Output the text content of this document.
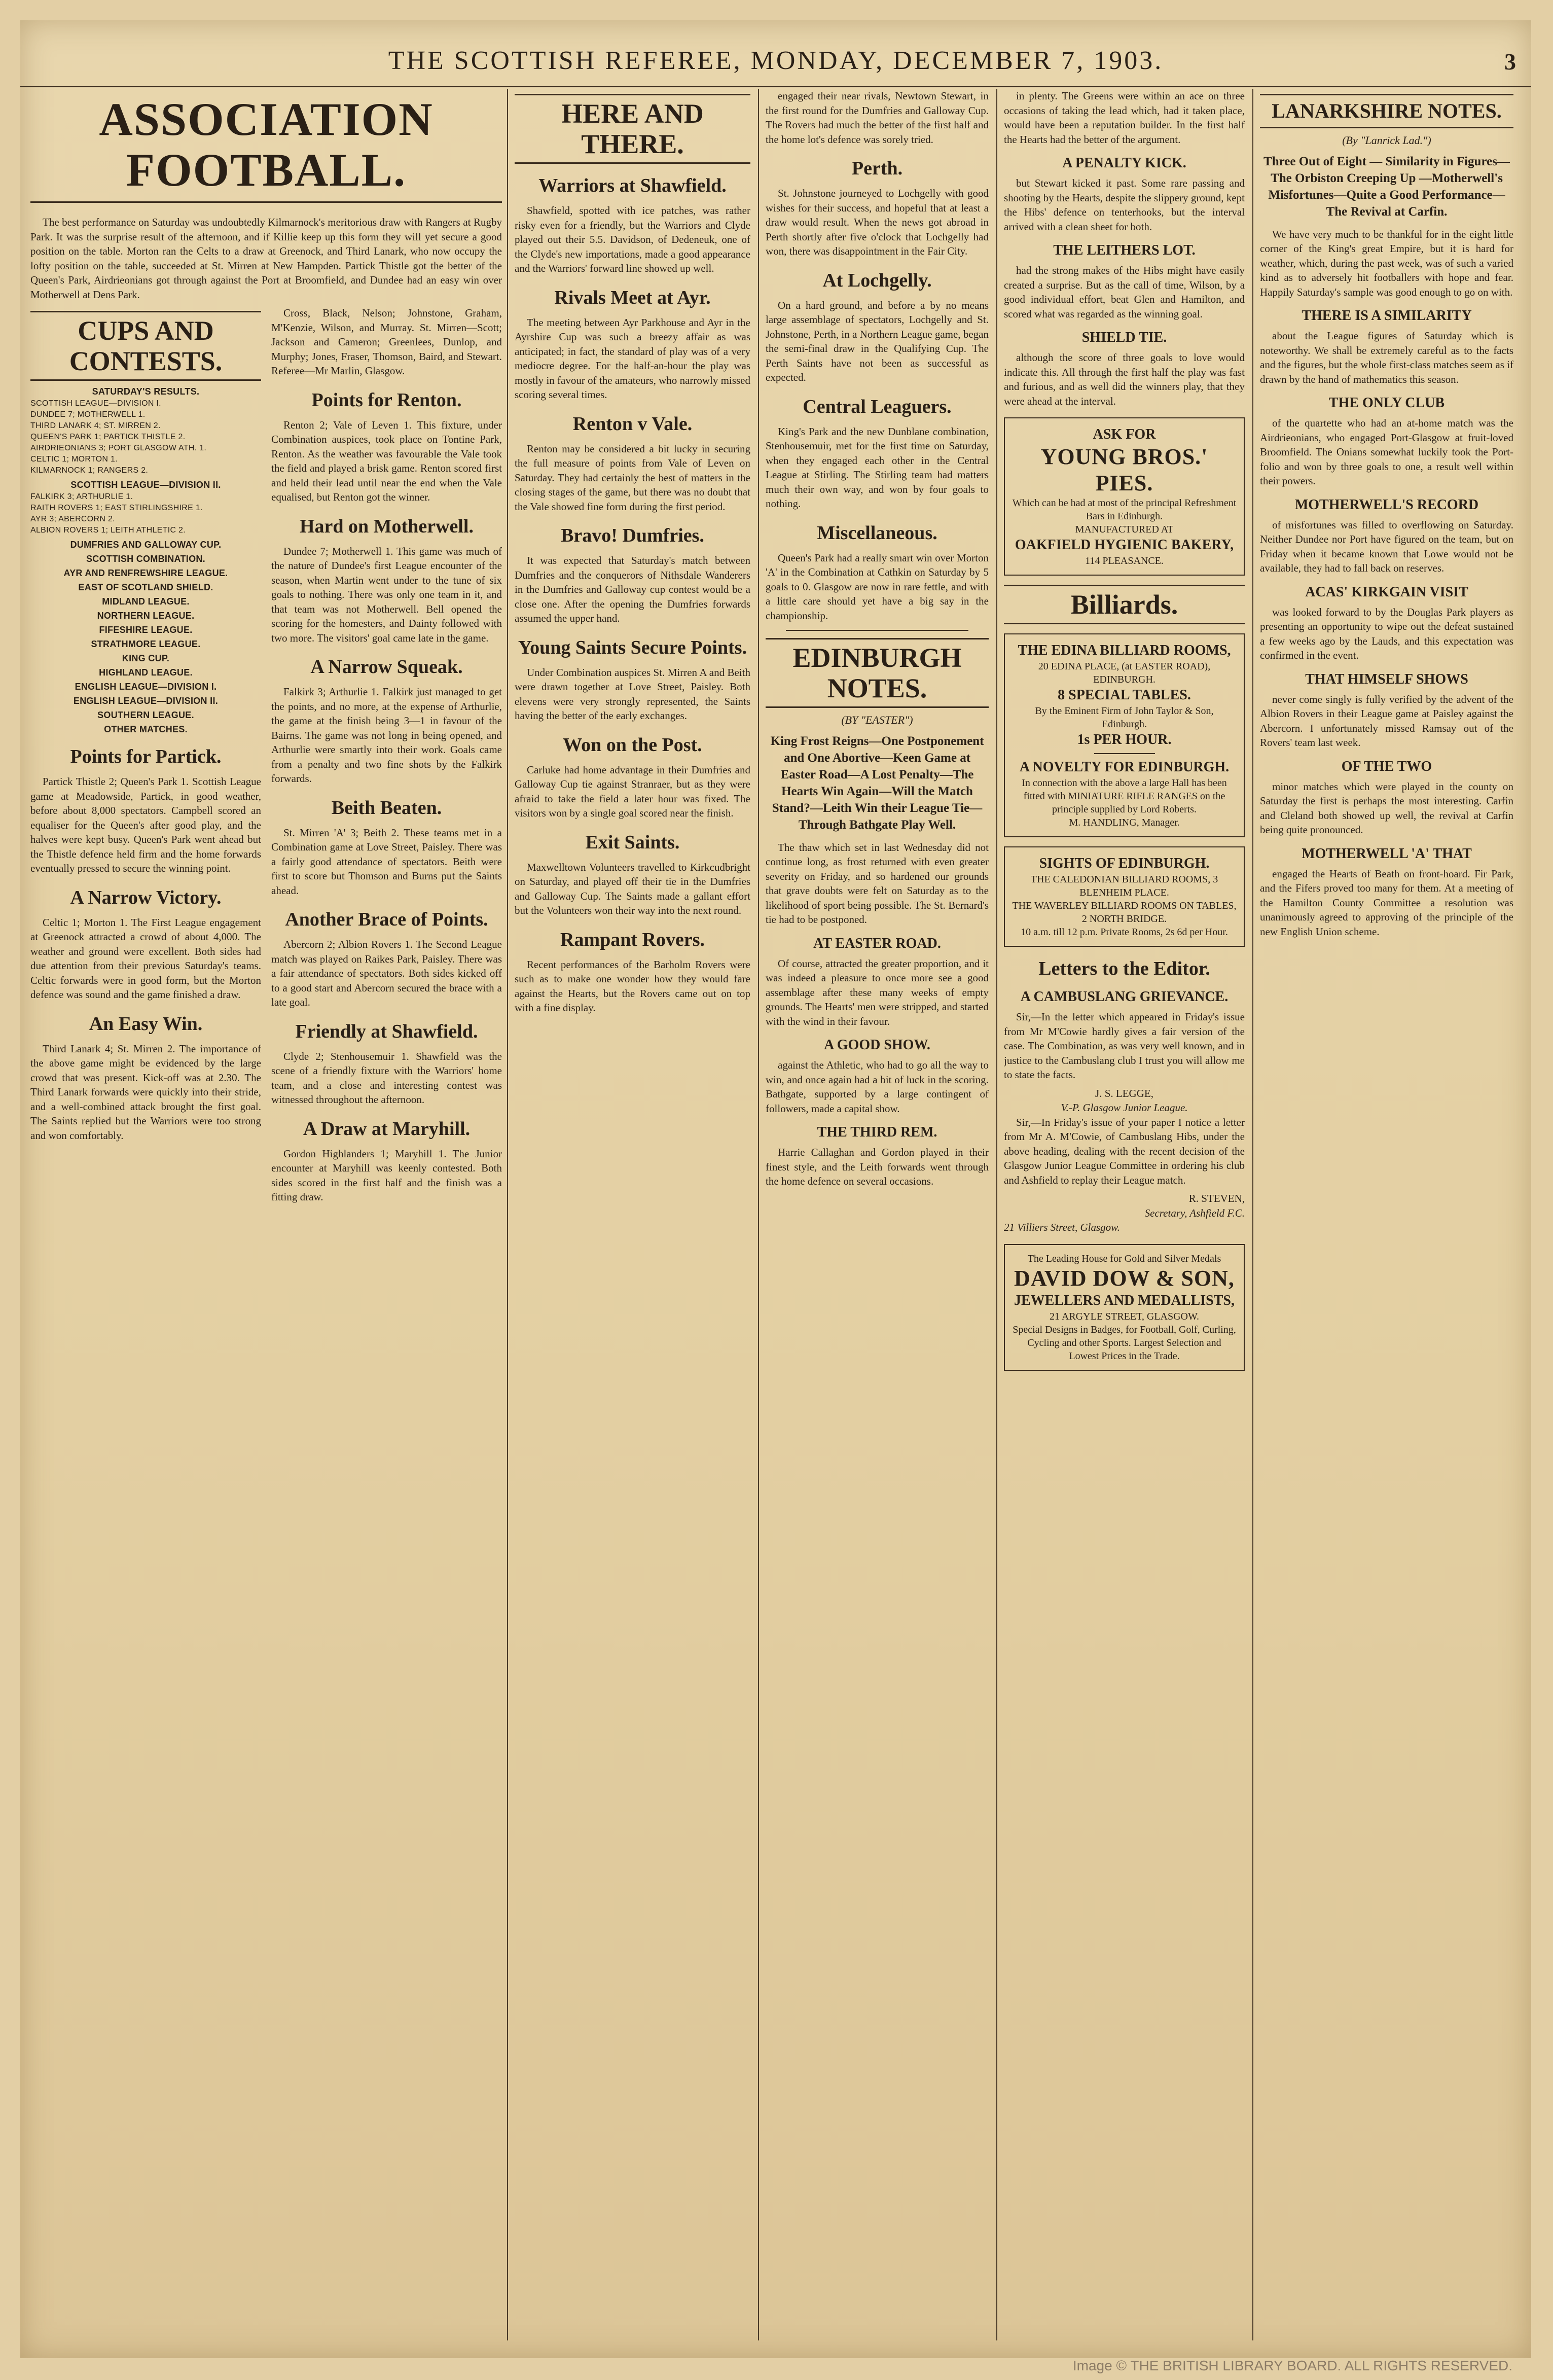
THE SCOTTISH REFEREE, MONDAY, DECEMBER 7, 1903.	3
ASSOCIATION FOOTBALL.

The best performance on Saturday was undoubtedly Kilmarnock's meritorious draw with Rangers at Rugby Park. It was the surprise result of the afternoon, and if Killie keep up this form they will yet secure a good position on the table. Morton ran the Celts to a draw at Greenock, and Third Lanark, who now occupy the lofty position on the table, succeeded at St. Mirren at New Hampden. Partick Thistle got the better of the Queen's Park, Airdrieonians got through against the Port at Broomfield, and Dundee had an easy win over Motherwell at Dens Park.

CUPS AND CONTESTS.
SATURDAY'S RESULTS.
SCOTTISH LEAGUE—DIVISION I.
DUNDEE 7; MOTHERWELL 1.
THIRD LANARK 4; ST. MIRREN 2.
QUEEN'S PARK 1; PARTICK THISTLE 2.
AIRDRIEONIANS 3; PORT GLASGOW ATH. 1.
CELTIC 1; MORTON 1.
KILMARNOCK 1; RANGERS 2.
SCOTTISH LEAGUE—DIVISION II.
FALKIRK 3; ARTHURLIE 1.
RAITH ROVERS 1; EAST STIRLINGSHIRE 1.
AYR 3; ABERCORN 2.
ALBION ROVERS 1; LEITH ATHLETIC 2.
DUMFRIES AND GALLOWAY CUP.
SCOTTISH COMBINATION.
AYR AND RENFREWSHIRE LEAGUE.
EAST OF SCOTLAND SHIELD.
MIDLAND LEAGUE.
NORTHERN LEAGUE.
FIFESHIRE LEAGUE.
STRATHMORE LEAGUE.
KING CUP.
HIGHLAND LEAGUE.
ENGLISH LEAGUE—DIVISION I.
ENGLISH LEAGUE—DIVISION II.
SOUTHERN LEAGUE.
OTHER MATCHES.
Points for Partick.

Partick Thistle 2; Queen's Park 1. Scottish League game at Meadowside, Partick, in good weather, before about 8,000 spectators. Campbell scored an equaliser for the Queen's after good play, and the halves were kept busy. Queen's Park went ahead but the Thistle defence held firm and the home forwards eventually pressed to secure the winning point.

A Narrow Victory.

Celtic 1; Morton 1. The First League engagement at Greenock attracted a crowd of about 4,000. The weather and ground were excellent. Both sides had due attention from their previous Saturday's teams. Celtic forwards were in good form, but the Morton defence was sound and the game finished a draw.

An Easy Win.

Third Lanark 4; St. Mirren 2. The importance of the above game might be evidenced by the large crowd that was present. Kick-off was at 2.30. The Third Lanark forwards were quickly into their stride, and a well-combined attack brought the first goal. The Saints replied but the Warriors were too strong and won comfortably.

Cross, Black, Nelson; Johnstone, Graham, M'Kenzie, Wilson, and Murray. St. Mirren—Scott; Jackson and Cameron; Greenlees, Dunlop, and Murphy; Jones, Fraser, Thomson, Baird, and Stewart. Referee—Mr Marlin, Glasgow.

Points for Renton.

Renton 2; Vale of Leven 1. This fixture, under Combination auspices, took place on Tontine Park, Renton. As the weather was favourable the Vale took the field and played a brisk game. Renton scored first and held their lead until near the end when the Vale equalised, but Renton got the winner.

Hard on Motherwell.

Dundee 7; Motherwell 1. This game was much of the nature of Dundee's first League encounter of the season, when Martin went under to the tune of six goals to nothing. There was only one team in it, and that team was not Motherwell. Bell opened the scoring for the homesters, and Dainty followed with two more. The visitors' goal came late in the game.

A Narrow Squeak.

Falkirk 3; Arthurlie 1. Falkirk just managed to get the points, and no more, at the expense of Arthurlie, the game at the finish being 3—1 in favour of the Bairns. The game was not long in being opened, and Arthurlie were smartly into their work. Goals came from a penalty and two fine shots by the Falkirk forwards.

Beith Beaten.

St. Mirren 'A' 3; Beith 2. These teams met in a Combination game at Love Street, Paisley. There was a fairly good attendance of spectators. Beith were first to score but Thomson and Burns put the Saints ahead.

Another Brace of Points.

Abercorn 2; Albion Rovers 1. The Second League match was played on Raikes Park, Paisley. There was a fair attendance of spectators. Both sides kicked off to a good start and Abercorn secured the brace with a late goal.

Friendly at Shawfield.

Clyde 2; Stenhousemuir 1. Shawfield was the scene of a friendly fixture with the Warriors' home team, and a close and interesting contest was witnessed throughout the afternoon.

A Draw at Maryhill.

Gordon Highlanders 1; Maryhill 1. The Junior encounter at Maryhill was keenly contested. Both sides scored in the first half and the finish was a fitting draw.

HERE AND THERE.
Warriors at Shawfield.

Shawfield, spotted with ice patches, was rather risky even for a friendly, but the Warriors and Clyde played out their 5.5. Davidson, of Dedeneuk, one of the Clyde's new importations, made a good appearance and the Warriors' forward line showed up well.

Rivals Meet at Ayr.

The meeting between Ayr Parkhouse and Ayr in the Ayrshire Cup was such a breezy affair as was anticipated; in fact, the standard of play was of a very mediocre degree. For the half-an-hour the play was mostly in favour of the amateurs, who narrowly missed scoring several times.

Renton v Vale.

Renton may be considered a bit lucky in securing the full measure of points from Vale of Leven on Saturday. They had certainly the best of matters in the closing stages of the game, but there was no doubt that the Vale showed fine form during the first period.

Bravo! Dumfries.

It was expected that Saturday's match between Dumfries and the conquerors of Nithsdale Wanderers in the Dumfries and Galloway cup contest would be a close one. After the opening the Dumfries forwards assumed the upper hand.

Young Saints Secure Points.

Under Combination auspices St. Mirren A and Beith were drawn together at Love Street, Paisley. Both elevens were very strongly represented, the Saints having the better of the early exchanges.

Won on the Post.

Carluke had home advantage in their Dumfries and Galloway Cup tie against Stranraer, but as they were afraid to take the field a later hour was fixed. The visitors won by a single goal scored near the finish.

Exit Saints.

Maxwelltown Volunteers travelled to Kirkcudbright on Saturday, and played off their tie in the Dumfries and Galloway Cup. The Saints made a gallant effort but the Volunteers won their way into the next round.

Rampant Rovers.

Recent performances of the Barholm Rovers were such as to make one wonder how they would fare against the Hearts, but the Rovers came out on top with a fine display.

engaged their near rivals, Newtown Stewart, in the first round for the Dumfries and Galloway Cup. The Rovers had much the better of the first half and the home lot's defence was sorely tried.

Perth.

St. Johnstone journeyed to Lochgelly with good wishes for their success, and hopeful that at least a draw would result. When the news got abroad in Perth shortly after five o'clock that Lochgelly had won, there was disappointment in the Fair City.

At Lochgelly.

On a hard ground, and before a by no means large assemblage of spectators, Lochgelly and St. Johnstone, Perth, in a Northern League game, began the semi-final draw in the Qualifying Cup. The Perth Saints have not been as successful as expected.

Central Leaguers.

King's Park and the new Dunblane combination, Stenhousemuir, met for the first time on Saturday, when they engaged each other in the Central League at Stirling. The Stirling team had matters much their own way, and won by four goals to nothing.

Miscellaneous.

Queen's Park had a really smart win over Morton 'A' in the Combination at Cathkin on Saturday by 5 goals to 0. Glasgow are now in rare fettle, and with a little care should yet have a big say in the championship.

EDINBURGH NOTES.
(BY "EASTER")
King Frost Reigns—One Postponement and One Abortive—Keen Game at Easter Road—A Lost Penalty—The Hearts Win Again—Will the Match Stand?—Leith Win their League Tie—Through Bathgate Play Well.

The thaw which set in last Wednesday did not continue long, as frost returned with even greater severity on Friday, and so hardened our grounds that grave doubts were felt on Saturday as to the likelihood of sport being possible. The St. Bernard's tie had to be postponed.

AT EASTER ROAD.

Of course, attracted the greater proportion, and it was indeed a pleasure to once more see a good assemblage after these many weeks of empty grounds. The Hearts' men were stripped, and started with the wind in their favour.

A GOOD SHOW.

against the Athletic, who had to go all the way to win, and once again had a bit of luck in the scoring. Bathgate, supported by a large contingent of followers, made a capital show.

THE THIRD REM.

Harrie Callaghan and Gordon played in their finest style, and the Leith forwards went through the home defence on several occasions.

in plenty. The Greens were within an ace on three occasions of taking the lead which, had it taken place, would have been a reputation builder. In the first half the Hearts had the better of the argument.

A PENALTY KICK.

but Stewart kicked it past. Some rare passing and shooting by the Hearts, despite the slippery ground, kept the Hibs' defence on tenterhooks, but the interval arrived with a clean sheet for both.

THE LEITHERS LOT.

had the strong makes of the Hibs might have easily created a surprise. But as the call of time, Wilson, by a good individual effort, beat Glen and Hamilton, and scored what was regarded as the winning goal.

SHIELD TIE.

although the score of three goals to love would indicate this. All through the first half the play was fast and furious, and as well did the winners play, that they were ahead at the interval.

ASK FOR
YOUNG BROS.' PIES.
Which can be had at most of the principal Refreshment Bars in Edinburgh.
MANUFACTURED AT
OAKFIELD HYGIENIC BAKERY,
114 PLEASANCE.
Billiards.
THE EDINA BILLIARD ROOMS,
20 EDINA PLACE, (at EASTER ROAD), EDINBURGH.
8 SPECIAL TABLES.
By the Eminent Firm of John Taylor & Son, Edinburgh.
1s PER HOUR.
A NOVELTY FOR EDINBURGH.
In connection with the above a large Hall has been fitted with MINIATURE RIFLE RANGES on the principle supplied by Lord Roberts.
M. HANDLING, Manager.
SIGHTS OF EDINBURGH.
THE CALEDONIAN BILLIARD ROOMS, 3 BLENHEIM PLACE.
THE WAVERLEY BILLIARD ROOMS ON TABLES, 2 NORTH BRIDGE.
10 a.m. till 12 p.m. Private Rooms, 2s 6d per Hour.
Letters to the Editor.
A CAMBUSLANG GRIEVANCE.

Sir,—In the letter which appeared in Friday's issue from Mr M'Cowie hardly gives a fair version of the case. The Combination, as was very well known, and in justice to the Cambuslang club I trust you will allow me to state the facts.

J. S. LEGGE,
V.-P. Glasgow Junior League.

Sir,—In Friday's issue of your paper I notice a letter from Mr A. M'Cowie, of Cambuslang Hibs, under the above heading, dealing with the recent decision of the Glasgow Junior League Committee in ordering his club and Ashfield to replay their League match.

R. STEVEN,
Secretary, Ashfield F.C.
21 Villiers Street, Glasgow.
The Leading House for Gold and Silver Medals
DAVID DOW & SON,
JEWELLERS AND MEDALLISTS,
21 ARGYLE STREET, GLASGOW.
Special Designs in Badges, for Football, Golf, Curling, Cycling and other Sports. Largest Selection and Lowest Prices in the Trade.
LANARKSHIRE NOTES.
(By "Lanrick Lad.")
Three Out of Eight — Similarity in Figures—The Orbiston Creeping Up —Motherwell's Misfortunes—Quite a Good Performance—The Revival at Carfin.

We have very much to be thankful for in the eight little corner of the King's great Empire, but it is hard for weather, which, during the past week, was of such a varied kind as to adversely hit footballers with hope and fear. Happily Saturday's sample was good enough to go on with.

THERE IS A SIMILARITY

about the League figures of Saturday which is noteworthy. We shall be extremely careful as to the facts and the figures, but the whole first-class matches seem as if drawn by the hand of mathematics this season.

THE ONLY CLUB

of the quartette who had an at-home match was the Airdrieonians, who engaged Port-Glasgow at fruit-loved Broomfield. The Onians somewhat luckily took the Port-folio and won by three goals to one, a result well within their powers.

MOTHERWELL'S RECORD

of misfortunes was filled to overflowing on Saturday. Neither Dundee nor Port have figured on the team, but on Friday when it became known that Lowe would not be available, they had to fall back on reserves.

ACAS' KIRKGAIN VISIT

was looked forward to by the Douglas Park players as presenting an opportunity to wipe out the defeat sustained a few weeks ago by the Lauds, and this expectation was confirmed in the event.

THAT HIMSELF SHOWS

never come singly is fully verified by the advent of the Albion Rovers in their League game at Paisley against the Abercorn. I unfortunately missed Ramsay out of the Rovers' team last week.

OF THE TWO

minor matches which were played in the county on Saturday the first is perhaps the most interesting. Carfin and Cleland both showed up well, the revival at Carfin being quite pronounced.

MOTHERWELL 'A' THAT

engaged the Hearts of Beath on front-hoard. Fir Park, and the Fifers proved too many for them. At a meeting of the Hamilton County Committee a resolution was unanimously agreed to approving of the principle of the new English Union scheme.

Image © THE BRITISH LIBRARY BOARD. ALL RIGHTS RESERVED.
